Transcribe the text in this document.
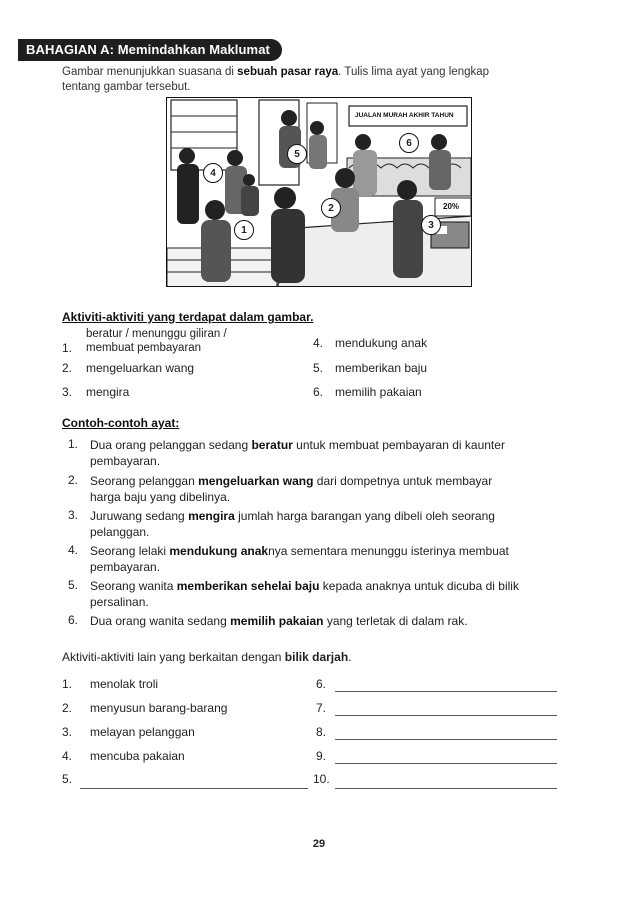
BAHAGIAN A: Memindahkan Maklumat
Gambar menunjukkan suasana di sebuah pasar raya. Tulis lima ayat yang lengkap
tentang gambar tersebut.
JUALAN MURAH AKHIR TAHUN
20%
1
2
3
4
5
6
Aktiviti-aktiviti yang terdapat dalam gambar.
1.
beratur / menunggu giliran /
membuat pembayaran
2. mengeluarkan wang
3. mengira
4. mendukung anak
5. memberikan baju
6. memilih pakaian
Contoh-contoh ayat:
1. Dua orang pelanggan sedang beratur untuk membuat pembayaran di kaunter
pembayaran.
2. Seorang pelanggan mengeluarkan wang dari dompetnya untuk membayar
harga baju yang dibelinya.
3. Juruwang sedang mengira jumlah harga barangan yang dibeli oleh seorang
pelanggan.
4. Seorang lelaki mendukung anaknya sementara menunggu isterinya membuat
pembayaran.
5. Seorang wanita memberikan sehelai baju kepada anaknya untuk dicuba di bilik
persalinan.
6. Dua orang wanita sedang memilih pakaian yang terletak di dalam rak.
Aktiviti-aktiviti lain yang berkaitan dengan bilik darjah.
1. menolak troli
2. menyusun barang-barang
3. melayan pelanggan
4. mencuba pakaian
5.
6.
7.
8.
9.
10.
29
